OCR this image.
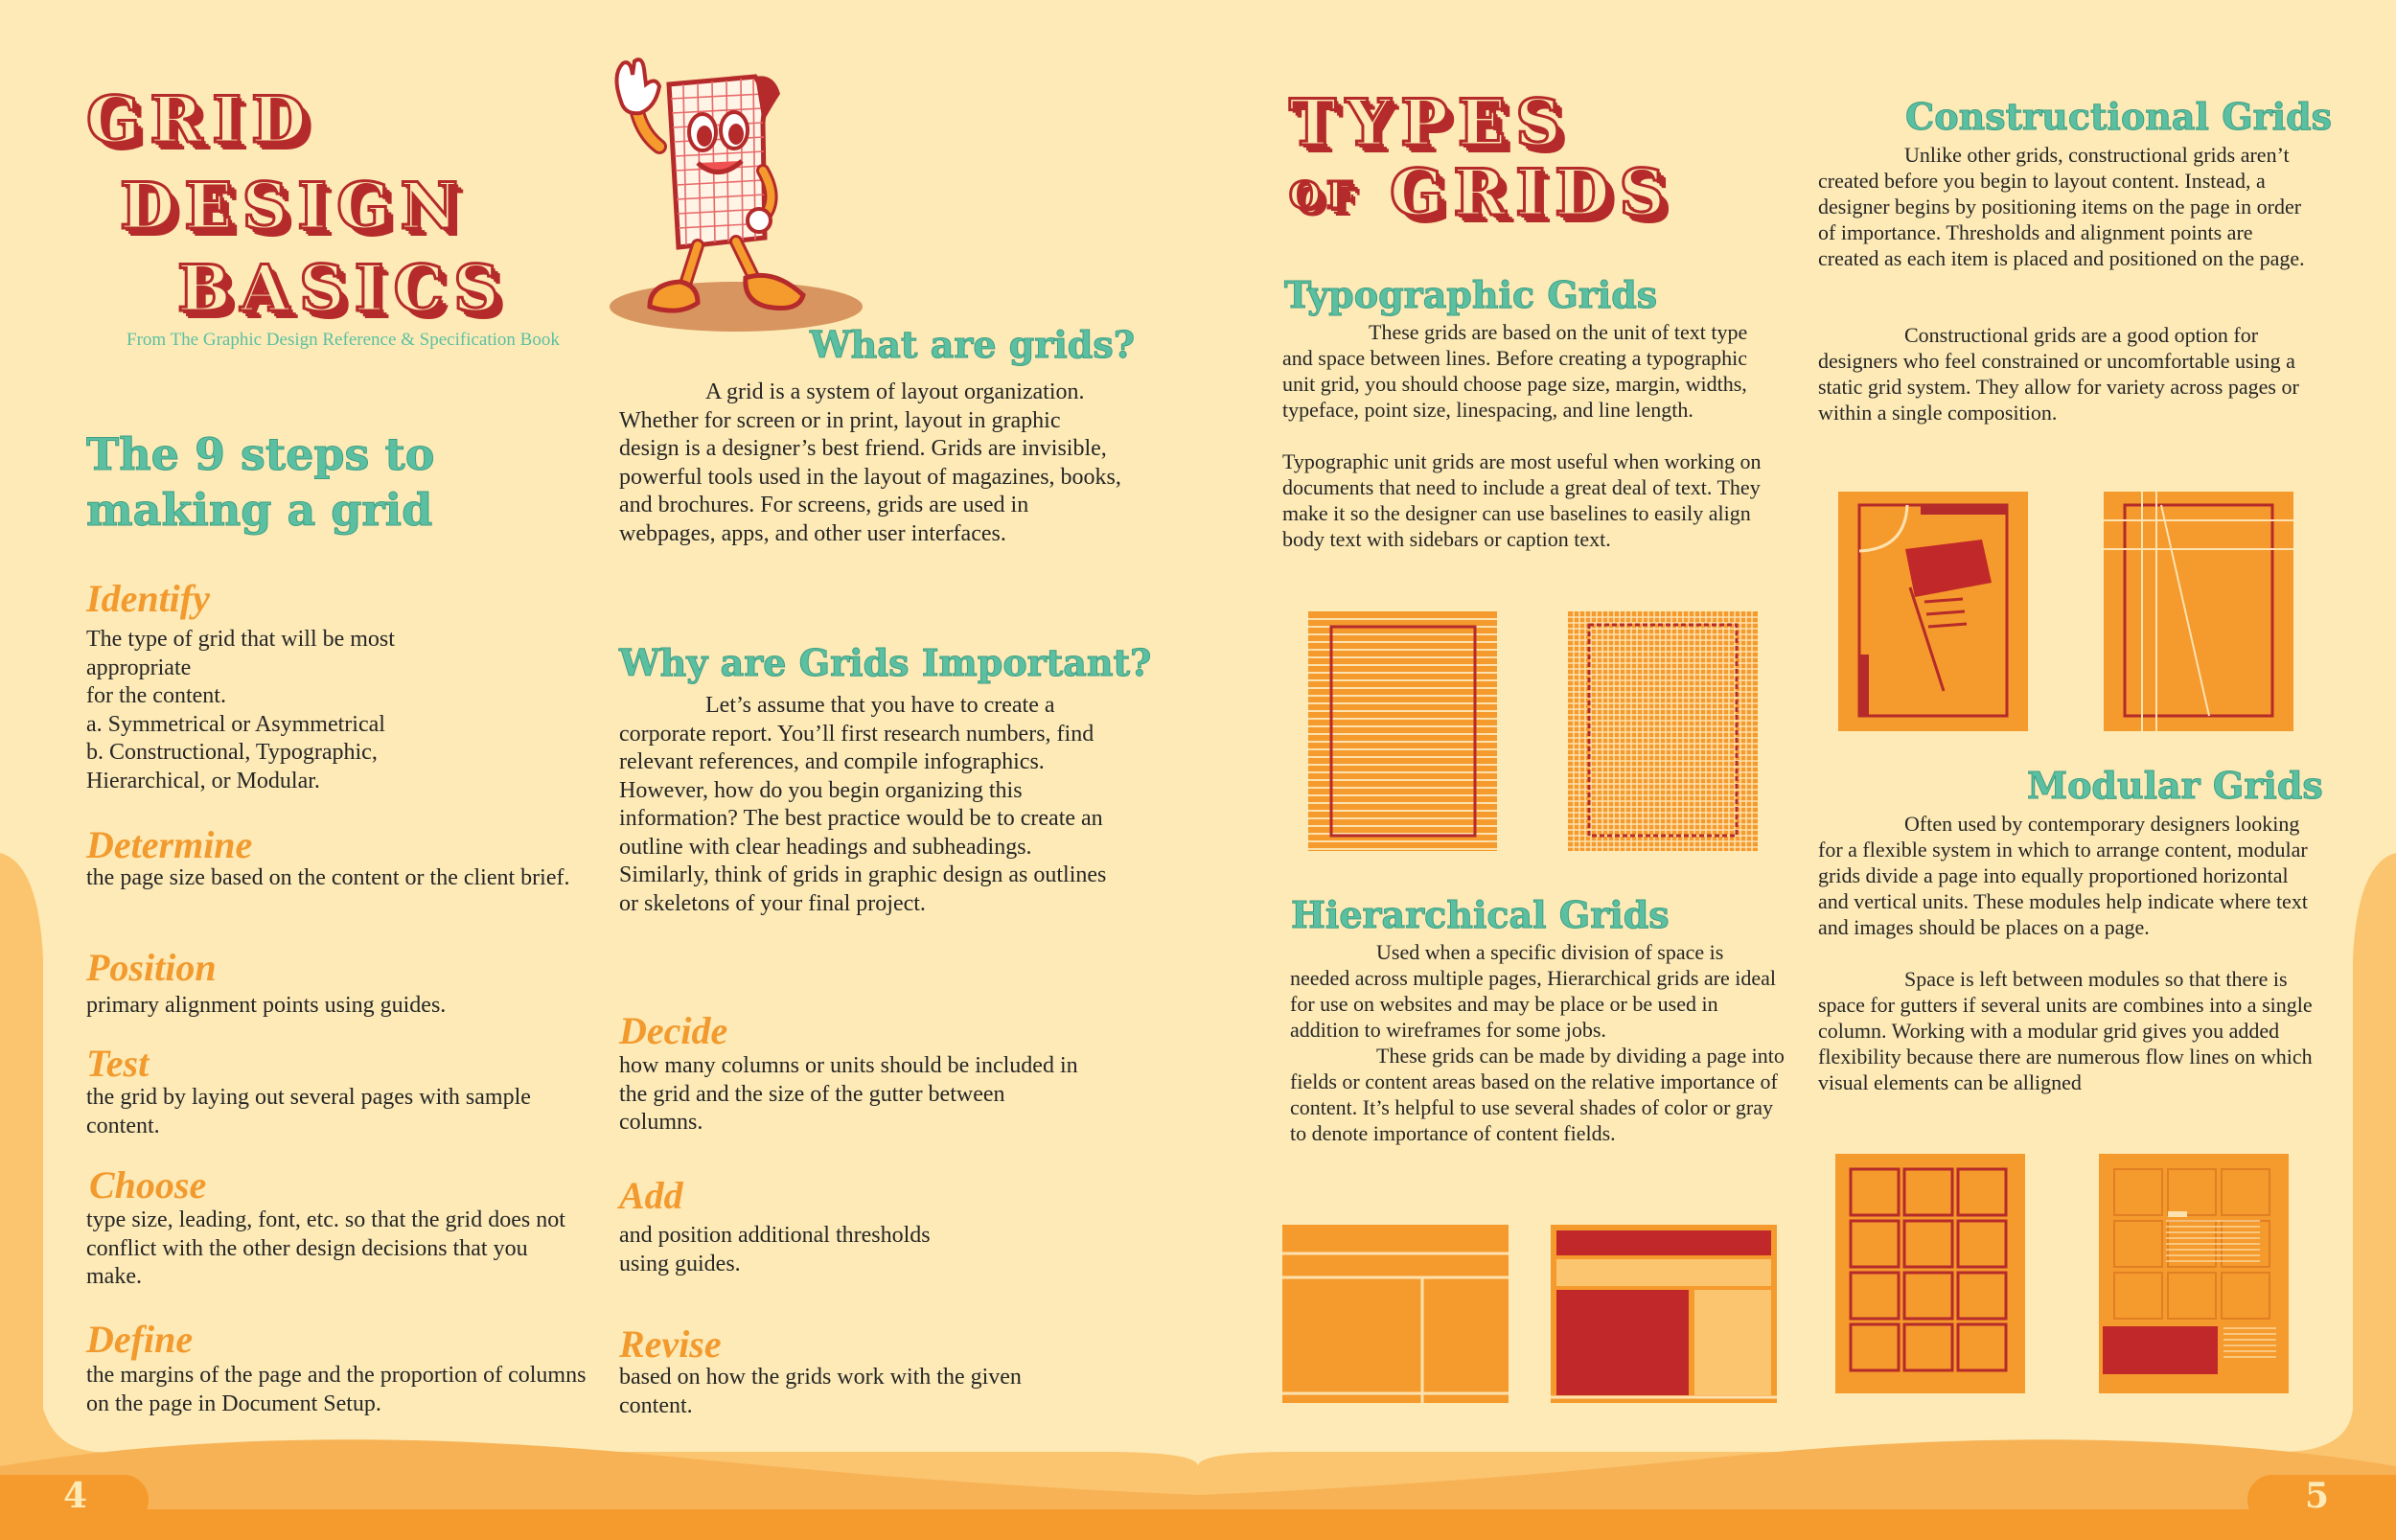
4	5
GRID
DESIGN
BASICS
From The Graphic Design Reference & Specification Book	What are grids?
A grid is a system of layout organization. Whether for screen or in print, layout in graphic design is a designer’s best friend. Grids are invisible, powerful tools used in the layout of magazines, books, and brochures. For screens, grids are used in webpages, apps, and other user interfaces.
Why are Grids Important?
Let’s assume that you have to create a corporate report. You’ll first research numbers, find relevant references, and compile infographics. However, how do you begin organizing this information? The best practice would be to create an outline with clear headings and subheadings. Similarly, think of grids in graphic design as outlines or skeletons of your final project.
The 9 steps to making a grid
Identify
The type of grid that will be most appropriate
for the content.
a. Symmetrical or Asymmetrical
b. Constructional, Typographic,
Hierarchical, or Modular.
Determine
the page size based on the content or the client brief.
Position
primary alignment points using guides.
Test
the grid by laying out several pages with sample content.
Choose
type size, leading, font, etc. so that the grid does not conflict with the other design decisions that you make.
Define
the margins of the page and the proportion of columns on the page in Document Setup.
Decide
how many columns or units should be included in the grid and the size of the gutter between columns.
Add
and position additional thresholds
using guides.
Revise
based on how the grids work with the given content.
TYPES
OF GRIDS
Typographic Grids
These grids are based on the unit of text type and space between lines. Before creating a typographic unit grid, you should choose page size, margin, widths, typeface, point size, linespacing, and line length.
Typographic unit grids are most useful when working on documents that need to include a great deal of text. They make it so the designer can use baselines to easily align body text with sidebars or caption text.
Hierarchical Grids
Used when a specific division of space is needed across multiple pages, Hierarchical grids are ideal for use on websites and may be place or be used in addition to wireframes for some jobs.
These grids can be made by dividing a page into fields or content areas based on the relative importance of content. It’s helpful to use several shades of color or gray to denote importance of content fields.
Constructional Grids
Unlike other grids, constructional grids aren’t created before you begin to layout content. Instead, a designer begins by positioning items on the page in order of importance. Thresholds and alignment points are created as each item is placed and positioned on the page.
Constructional grids are a good option for designers who feel constrained or uncomfortable using a static grid system. They allow for variety across pages or within a single composition.
Modular Grids
Often used by contemporary designers looking for a flexible system in which to arrange content, modular grids divide a page into equally proportioned horizontal and vertical units. These modules help indicate where text and images should be places on a page.
Space is left between modules so that there is space for gutters if several units are combines into a single column. Working with a modular grid gives you added flexibility because there are numerous flow lines on which visual elements can be alligned
